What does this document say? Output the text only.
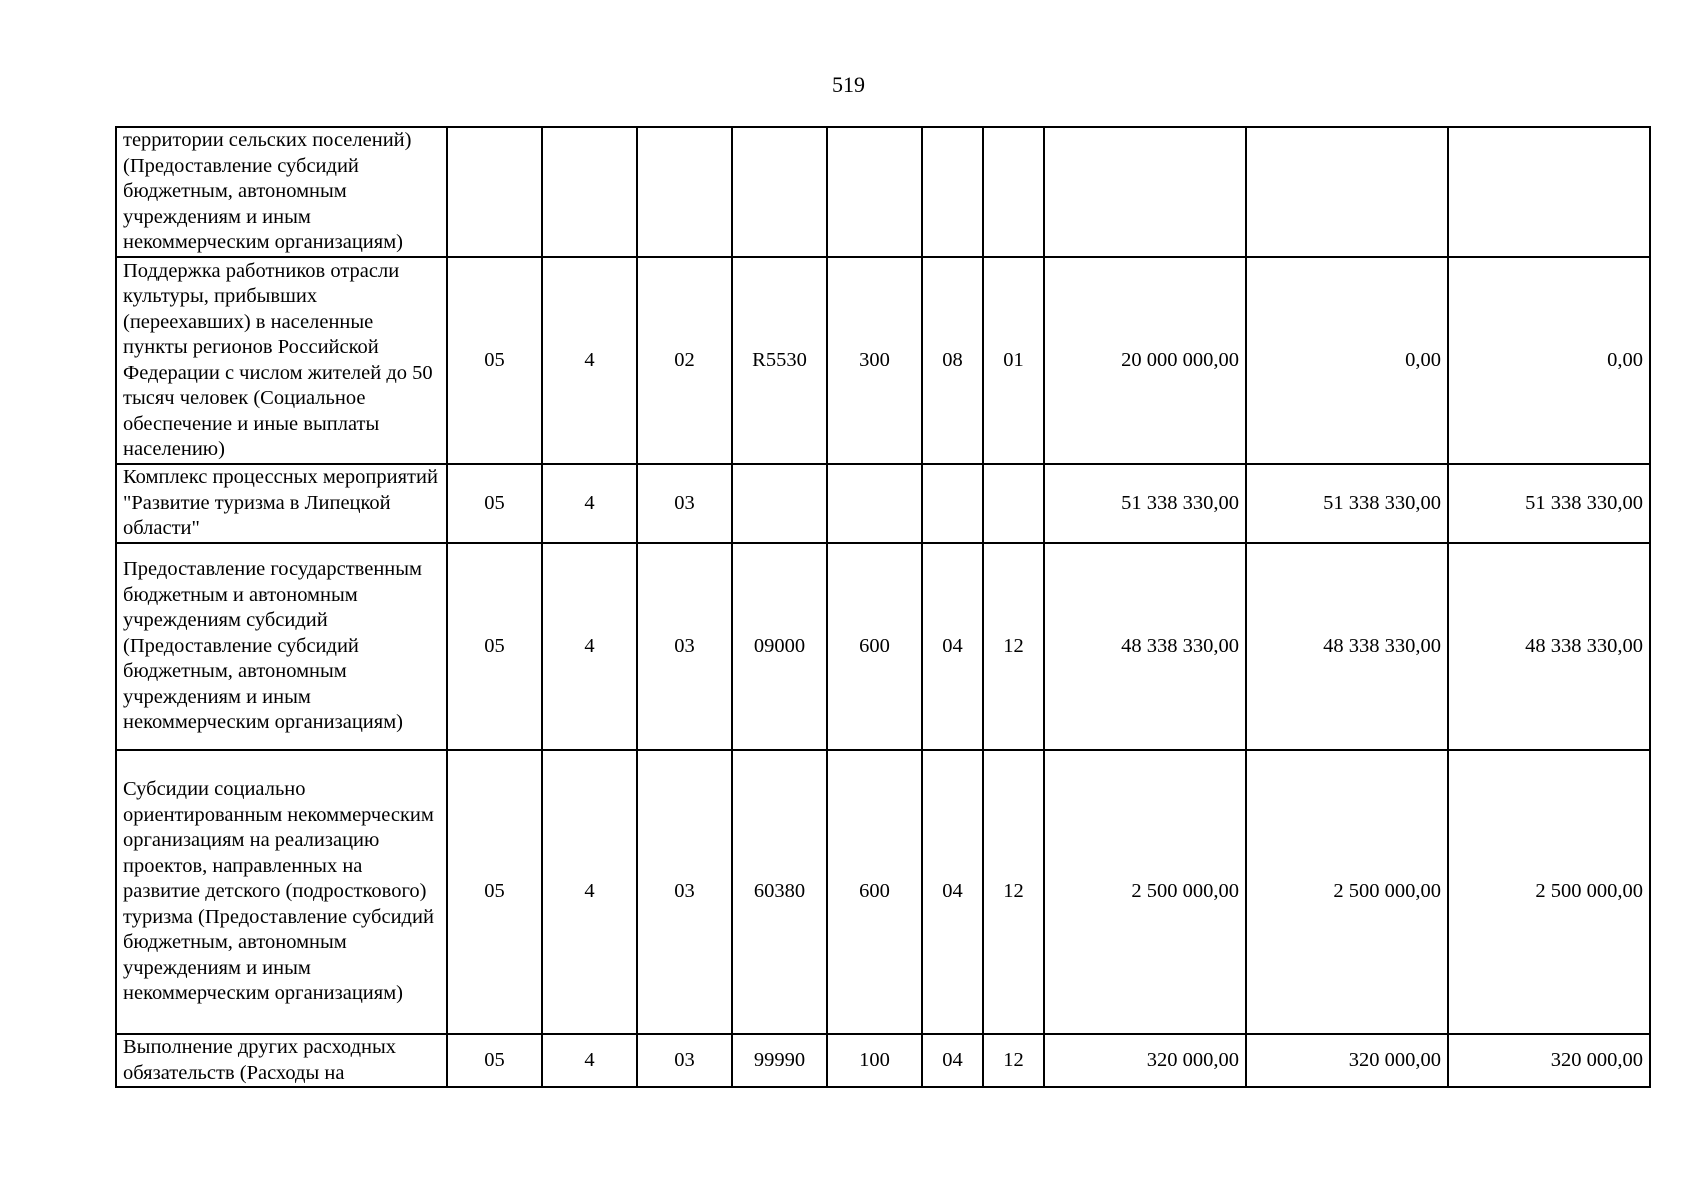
519
территории сельских поселений) (Предоставление субсидий бюджетным, автономным учреждениям и иным некоммерческим организациям)										
Поддержка работников отрасли культуры, прибывших (переехавших) в населенные пункты регионов Российской Федерации с числом жителей до 50 тысяч человек (Социальное обеспечение и иные выплаты населению)	05	4	02	R5530	300	08	01	20 000 000,00	0,00	0,00
Комплекс процессных мероприятий "Развитие туризма в Липецкой области"	05	4	03					51 338 330,00	51 338 330,00	51 338 330,00
Предоставление государственным бюджетным и автономным учреждениям субсидий (Предоставление субсидий бюджетным, автономным учреждениям и иным некоммерческим организациям)	05	4	03	09000	600	04	12	48 338 330,00	48 338 330,00	48 338 330,00
Субсидии социально ориентированным некоммерческим организациям на реализацию проектов, направленных на развитие детского (подросткового) туризма (Предоставление субсидий бюджетным, автономным учреждениям и иным некоммерческим организациям)	05	4	03	60380	600	04	12	2 500 000,00	2 500 000,00	2 500 000,00
Выполнение других расходных обязательств (Расходы на	05	4	03	99990	100	04	12	320 000,00	320 000,00	320 000,00
